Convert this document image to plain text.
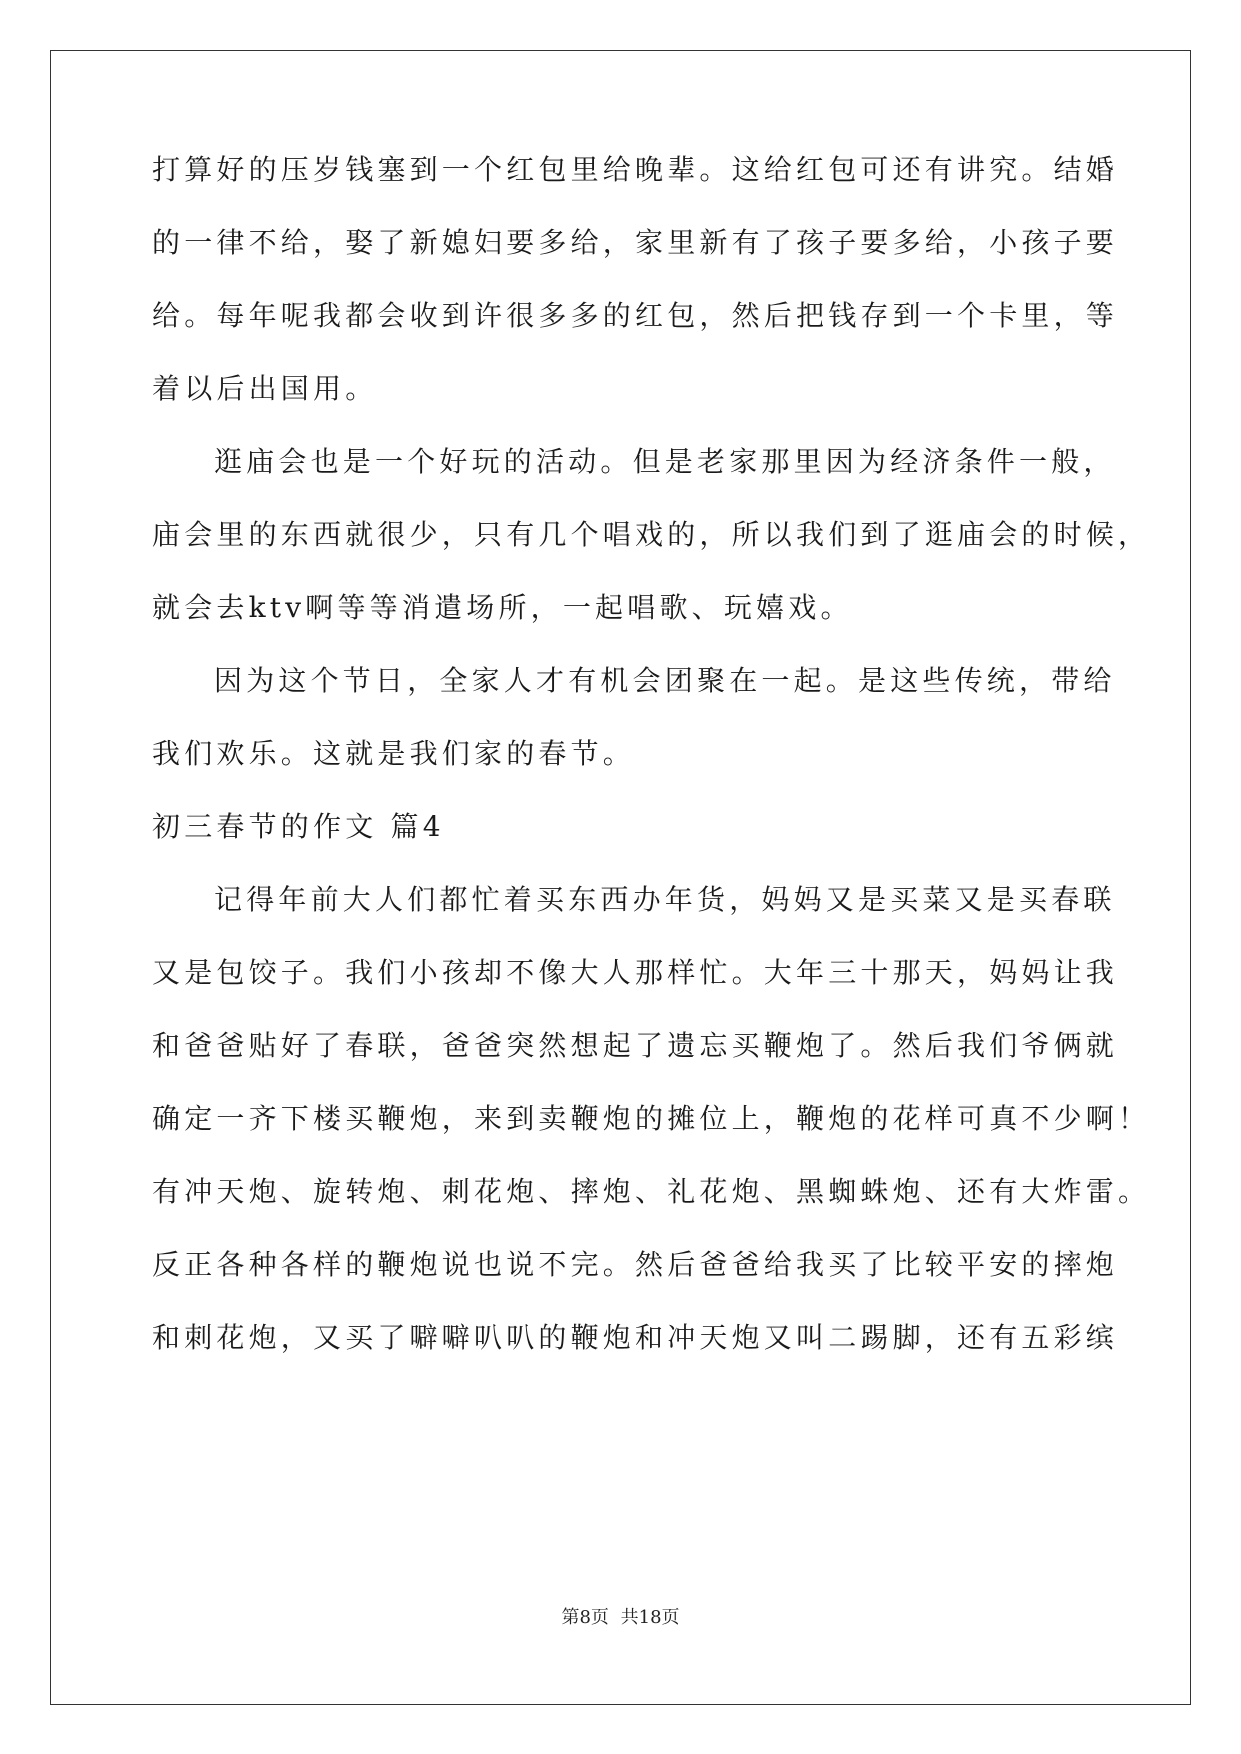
打算好的压岁钱塞到一个红包里给晚辈。这给红包可还有讲究。结婚
的一律不给，娶了新媳妇要多给，家里新有了孩子要多给，小孩子要
给。每年呢我都会收到许很多多的红包，然后把钱存到一个卡里，等
着以后出国用。
逛庙会也是一个好玩的活动。但是老家那里因为经济条件一般，
庙会里的东西就很少，只有几个唱戏的，所以我们到了逛庙会的时候，
就会去ktv啊等等消遣场所，一起唱歌、玩嬉戏。
因为这个节日，全家人才有机会团聚在一起。是这些传统，带给
我们欢乐。这就是我们家的春节。
初三春节的作文 篇4
记得年前大人们都忙着买东西办年货，妈妈又是买菜又是买春联
又是包饺子。我们小孩却不像大人那样忙。大年三十那天，妈妈让我
和爸爸贴好了春联，爸爸突然想起了遗忘买鞭炮了。然后我们爷俩就
确定一齐下楼买鞭炮，来到卖鞭炮的摊位上，鞭炮的花样可真不少啊！
有冲天炮、旋转炮、刺花炮、摔炮、礼花炮、黑蜘蛛炮、还有大炸雷。
反正各种各样的鞭炮说也说不完。然后爸爸给我买了比较平安的摔炮
和刺花炮，又买了噼噼叭叭的鞭炮和冲天炮又叫二踢脚，还有五彩缤
第8页 共18页
